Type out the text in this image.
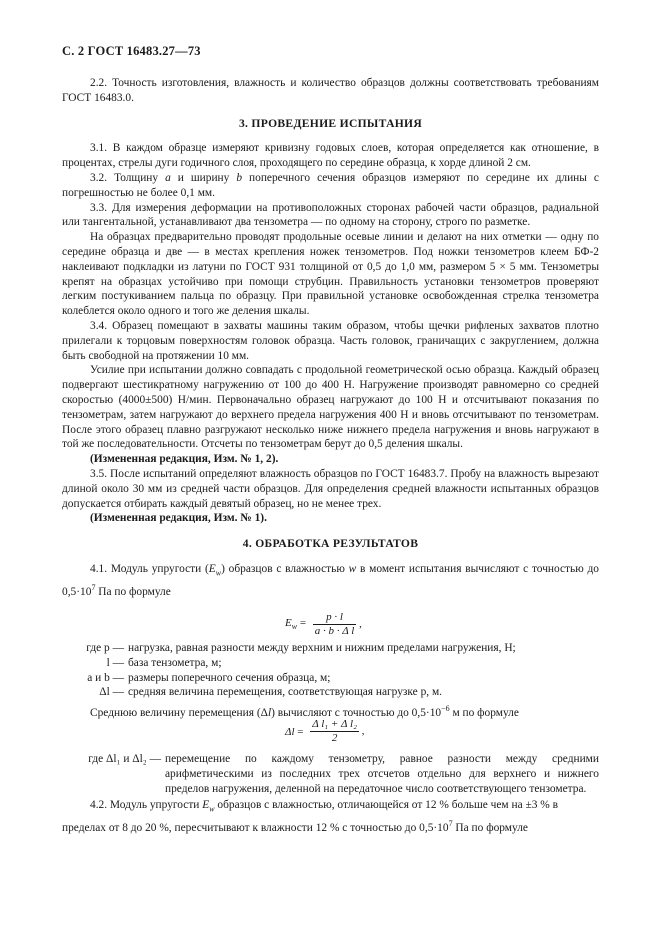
С. 2 ГОСТ 16483.27—73

2.2. Точность изготовления, влажность и количество образцов должны соответствовать требованиям ГОСТ 16483.0.

3. ПРОВЕДЕНИЕ ИСПЫТАНИЯ

3.1. В каждом образце измеряют кривизну годовых слоев, которая определяется как отношение, в процентах, стрелы дуги годичного слоя, проходящего по середине образца, к хорде длиной 2 см.

3.2. Толщину a и ширину b поперечного сечения образцов измеряют по середине их длины с погрешностью не более 0,1 мм.

3.3. Для измерения деформации на противоположных сторонах рабочей части образцов, радиальной или тангентальной, устанавливают два тензометра — по одному на сторону, строго по разметке.

На образцах предварительно проводят продольные осевые линии и делают на них отметки — одну по середине образца и две — в местах крепления ножек тензометров. Под ножки тензометров клеем БФ-2 наклеивают подкладки из латуни по ГОСТ 931 толщиной от 0,5 до 1,0 мм, размером 5 × 5 мм. Тензометры крепят на образцах устойчиво при помощи струбцин. Правильность установки тензометров проверяют легким постукиванием пальца по образцу. При правильной установке освобожденная стрелка тензометра колеблется около одного и того же деления шкалы.

3.4. Образец помещают в захваты машины таким образом, чтобы щечки рифленых захватов плотно прилегали к торцовым поверхностям головок образца. Часть головок, граничащих с закруглением, должна быть свободной на протяжении 10 мм.

Усилие при испытании должно совпадать с продольной геометрической осью образца. Каждый образец подвергают шестикратному нагружению от 100 до 400 Н. Нагружение производят равномерно со средней скоростью (4000±500) Н/мин. Первоначально образец нагружают до 100 Н и отсчитывают показания по тензометрам, затем нагружают до верхнего предела нагружения 400 Н и вновь отсчитывают по тензометрам. После этого образец плавно разгружают несколько ниже нижнего предела нагружения и вновь нагружают в той же последовательности. Отсчеты по тензометрам берут до 0,5 деления шкалы.

(Измененная редакция, Изм. № 1, 2).

3.5. После испытаний определяют влажность образцов по ГОСТ 16483.7. Пробу на влажность вырезают длиной около 30 мм из средней части образцов. Для определения средней влажности испытанных образцов допускается отбирать каждый девятый образец, но не менее трех.

(Измененная редакция, Изм. № 1).

4. ОБРАБОТКА РЕЗУЛЬТАТОВ

4.1. Модуль упругости $(E_w)$ образцов с влажностью w в момент испытания вычисляют с точностью до $0,5\cdot 10^7$ Па по формуле

$E_w = \frac{p \cdot l}{\text{a · b · Δ l}}$ ,
где p — нагрузка, равная разности между верхним и нижним пределами нагружения, Н;
l — база тензометра, м;
a и b — размеры поперечного сечения образца, м;
Δl — средняя величина перемещения, соответствующая нагрузке p, м.

Среднюю величину перемещения (Δl) вычисляют с точностью до $0,5\cdot 10^{-6}$ м по формуле

$\Delta l = \frac{\text{Δ l₁ + Δ l₂}}{2}$ ,
где Δl₁ и Δl₂ — перемещение по каждому тензометру, равное разности между средними арифметическими из последних трех отсчетов отдельно для верхнего и нижнего пределов нагружения, деленной на передаточное число соответствующего тензометра.

4.2. Модуль упругости $E_w$ образцов с влажностью, отличающейся от 12 % больше чем на ±3 % в пределах от 8 до 20 %, пересчитывают к влажности 12 % с точностью до $0,5\cdot 10^7$ Па по формуле
